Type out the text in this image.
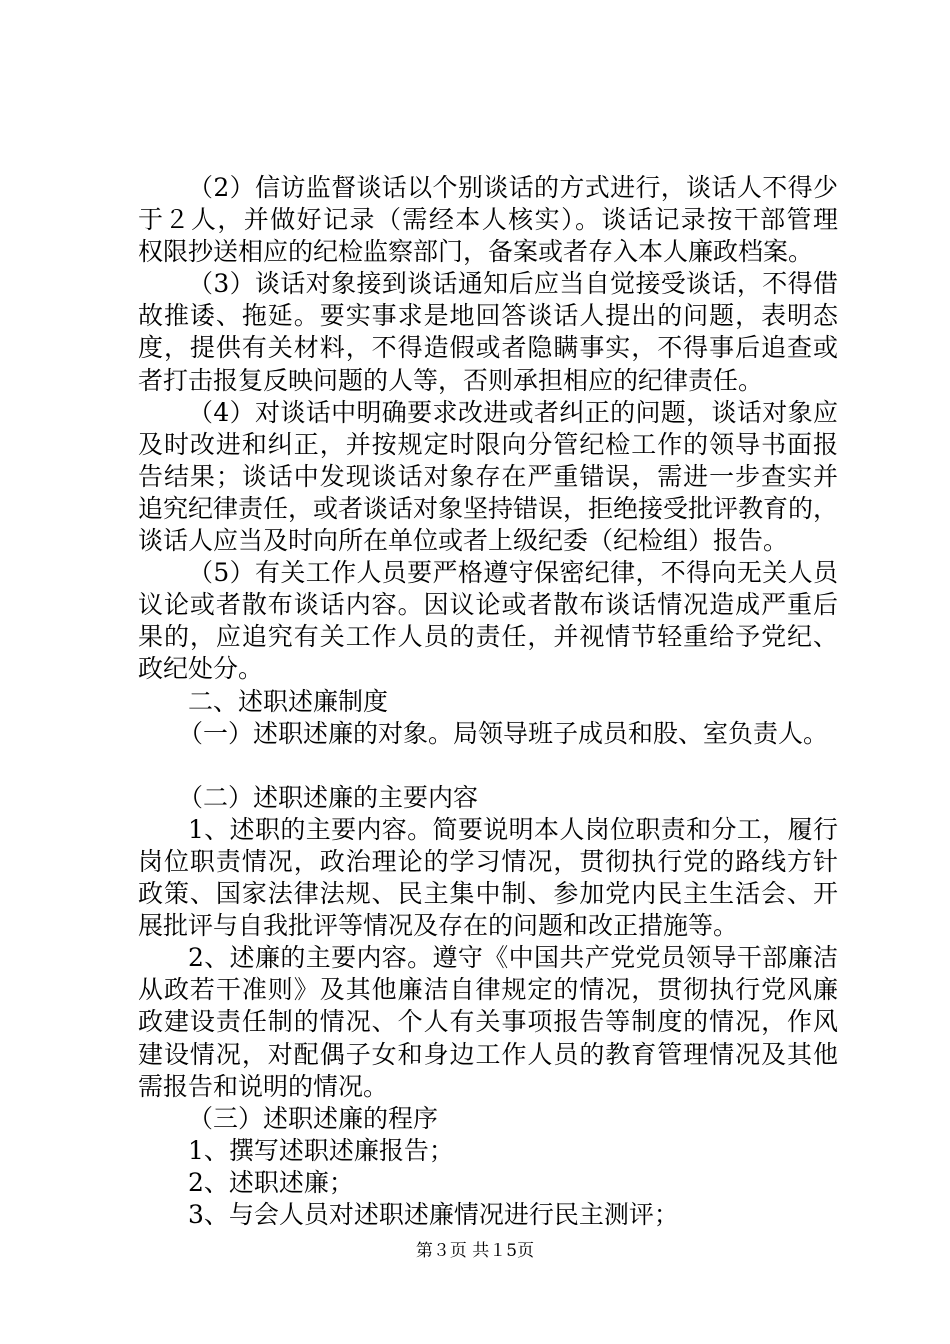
（2）信访监督谈话以个别谈话的方式进行，谈话人不得少
于２人，并做好记录（需经本人核实）。谈话记录按干部管理
权限抄送相应的纪检监察部门，备案或者存入本人廉政档案。
（3）谈话对象接到谈话通知后应当自觉接受谈话，不得借
故推诿、拖延。要实事求是地回答谈话人提出的问题，表明态
度，提供有关材料，不得造假或者隐瞒事实，不得事后追查或
者打击报复反映问题的人等，否则承担相应的纪律责任。
（4）对谈话中明确要求改进或者纠正的问题，谈话对象应
及时改进和纠正，并按规定时限向分管纪检工作的领导书面报
告结果；谈话中发现谈话对象存在严重错误，需进一步查实并
追究纪律责任，或者谈话对象坚持错误，拒绝接受批评教育的，
谈话人应当及时向所在单位或者上级纪委（纪检组）报告。
（5）有关工作人员要严格遵守保密纪律，不得向无关人员
议论或者散布谈话内容。因议论或者散布谈话情况造成严重后
果的，应追究有关工作人员的责任，并视情节轻重给予党纪、
政纪处分。
二、述职述廉制度
（一）述职述廉的对象。局领导班子成员和股、室负责人。
（二）述职述廉的主要内容
1、述职的主要内容。简要说明本人岗位职责和分工，履行
岗位职责情况，政治理论的学习情况，贯彻执行党的路线方针
政策、国家法律法规、民主集中制、参加党内民主生活会、开
展批评与自我批评等情况及存在的问题和改正措施等。
2、述廉的主要内容。遵守《中国共产党党员领导干部廉洁
从政若干准则》及其他廉洁自律规定的情况，贯彻执行党风廉
政建设责任制的情况、个人有关事项报告等制度的情况，作风
建设情况，对配偶子女和身边工作人员的教育管理情况及其他
需报告和说明的情况。
（三）述职述廉的程序
1、撰写述职述廉报告；
2、述职述廉；
3、与会人员对述职述廉情况进行民主测评；
第３页 共１5页
